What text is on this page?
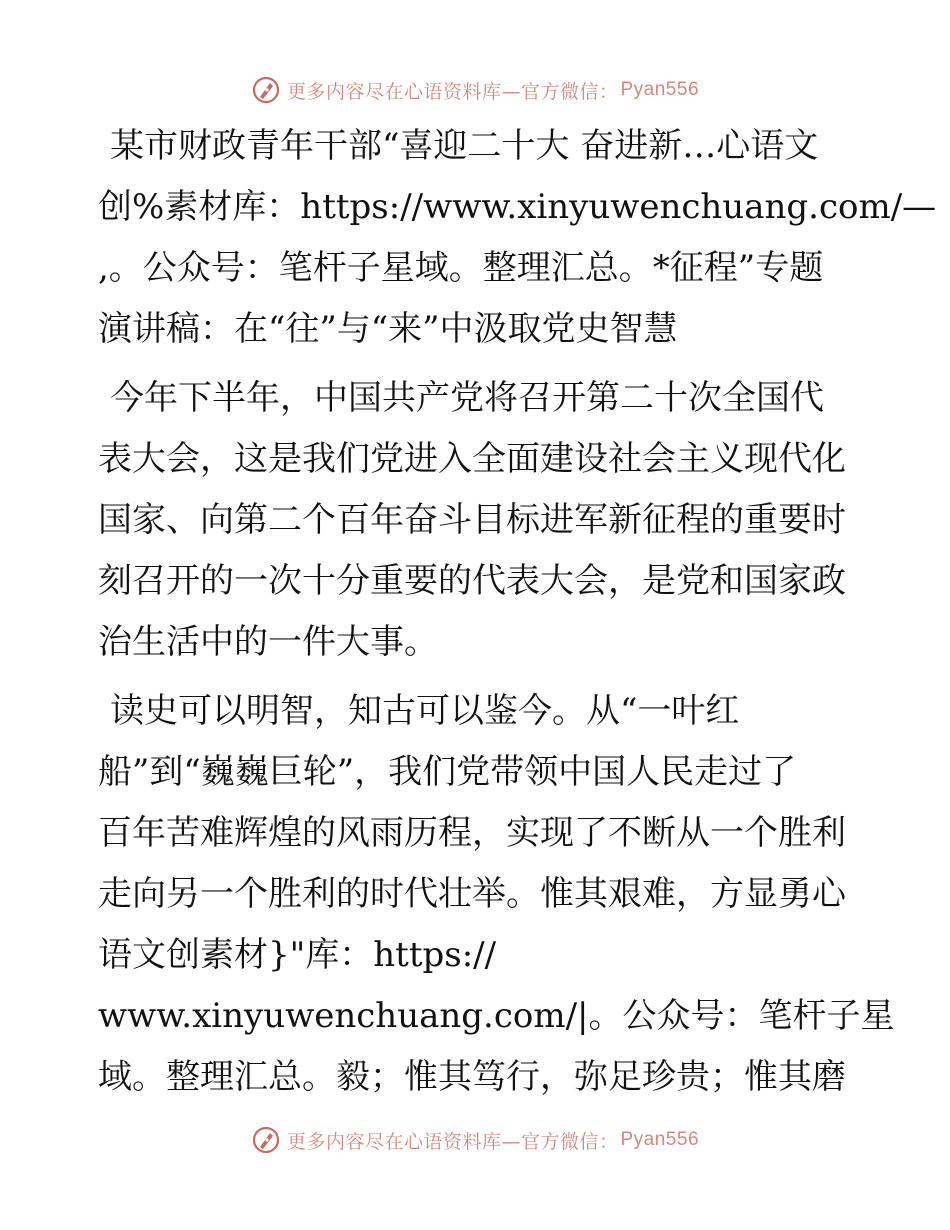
更多内容尽在心语资料库—官方微信： Pyan556
某市财政青年干部“喜迎二十大 奋进新…心语文
创%素材库：https://www.xinyuwenchuang.com/—
,。公众号：笔杆子星域。整理汇总。*征程”专题
演讲稿：在“往”与“来”中汲取党史智慧
今年下半年，中国共产党将召开第二十次全国代
表大会，这是我们党进入全面建设社会主义现代化
国家、向第二个百年奋斗目标进军新征程的重要时
刻召开的一次十分重要的代表大会，是党和国家政
治生活中的一件大事。
读史可以明智，知古可以鉴今。从“一叶红
船”到“巍巍巨轮”，我们党带领中国人民走过了
百年苦难辉煌的风雨历程，实现了不断从一个胜利
走向另一个胜利的时代壮举。惟其艰难，方显勇心
语文创素材}"库：https://
www.xinyuwenchuang.com/|。公众号：笔杆子星
域。整理汇总。毅；惟其笃行，弥足珍贵；惟其磨
更多内容尽在心语资料库—官方微信： Pyan556
